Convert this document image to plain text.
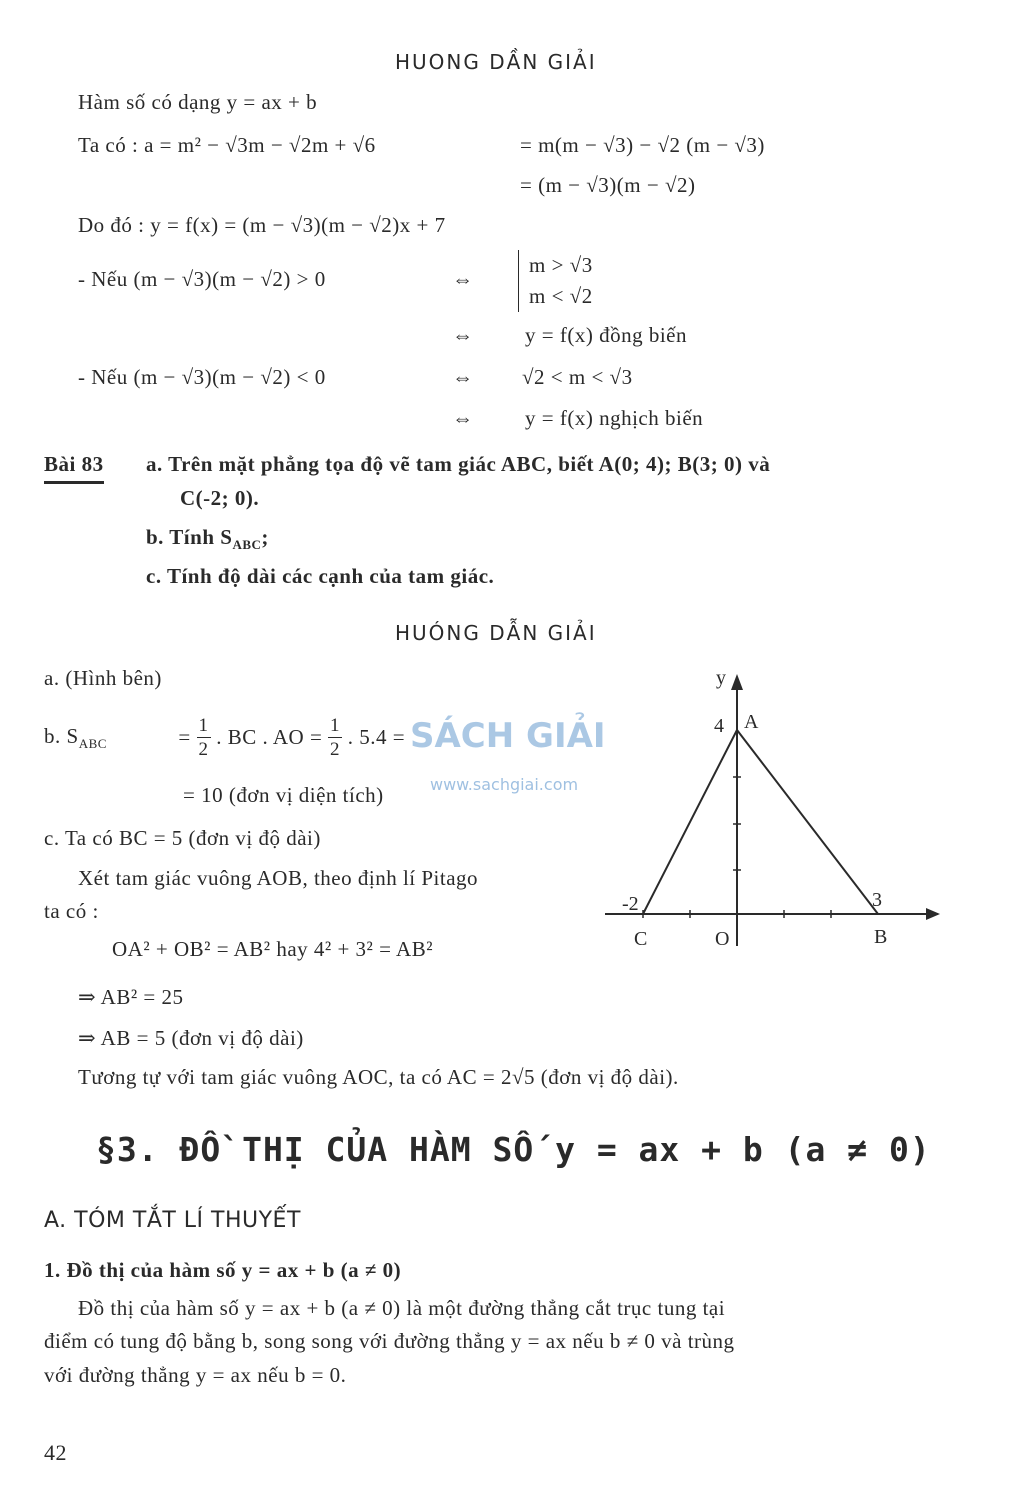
HUONG DẦN GIẢI
Hàm số có dạng y = ax + b
Ta có : a = m² − √3m − √2m + √6	= m(m − √3) − √2 (m − √3)
= (m − √3)(m − √2)
Do đó : y = f(x) = (m − √3)(m − √2)x + 7
- Nếu (m − √3)(m − √2) > 0	⇔
m > √3
m < √2
⇔ y = f(x) đồng biến
- Nếu (m − √3)(m − √2) < 0	⇔ √2 < m < √3
⇔ y = f(x) nghịch biến
Bài 83 a. Trên mặt phẳng tọa độ vẽ tam giác ABC, biết A(0; 4); B(3; 0) và
C(-2; 0).
b. Tính $S_{ABC}$;
c. Tính độ dài các cạnh của tam giác.
HUÓNG DẪN GIẢI
a. (Hình bên)
b. $S_{ABC}$	= $\frac{1}{2}$ . BC . AO = $\frac{1}{2}$ . 5.4 =
= 10 (đơn vị diện tích)
c. Ta có BC = 5 (đơn vị độ dài)
Xét tam giác vuông AOB, theo định lí Pitago
ta có :
OA² + OB² = AB² hay 4² + 3² = AB²
⇒ AB² = 25
⇒ AB = 5 (đơn vị độ dài)
Tương tự với tam giác vuông AOC, ta có AC = 2√5 (đơn vị độ dài).
y
A
4
3
-2
C	O	B
SÁCH GIẢI
www.sachgiai.com
§3. ĐỒ THỊ CỦA HÀM SỐ y = ax + b (a ≠ 0)
A. TÓM TẮT LÍ THUYẾT
1. Đồ thị của hàm số y = ax + b (a ≠ 0)
Đồ thị của hàm số y = ax + b (a ≠ 0) là một đường thẳng cắt trục tung tại
điểm có tung độ bằng b, song song với đường thẳng y = ax nếu b ≠ 0 và trùng
với đường thẳng y = ax nếu b = 0.
42
